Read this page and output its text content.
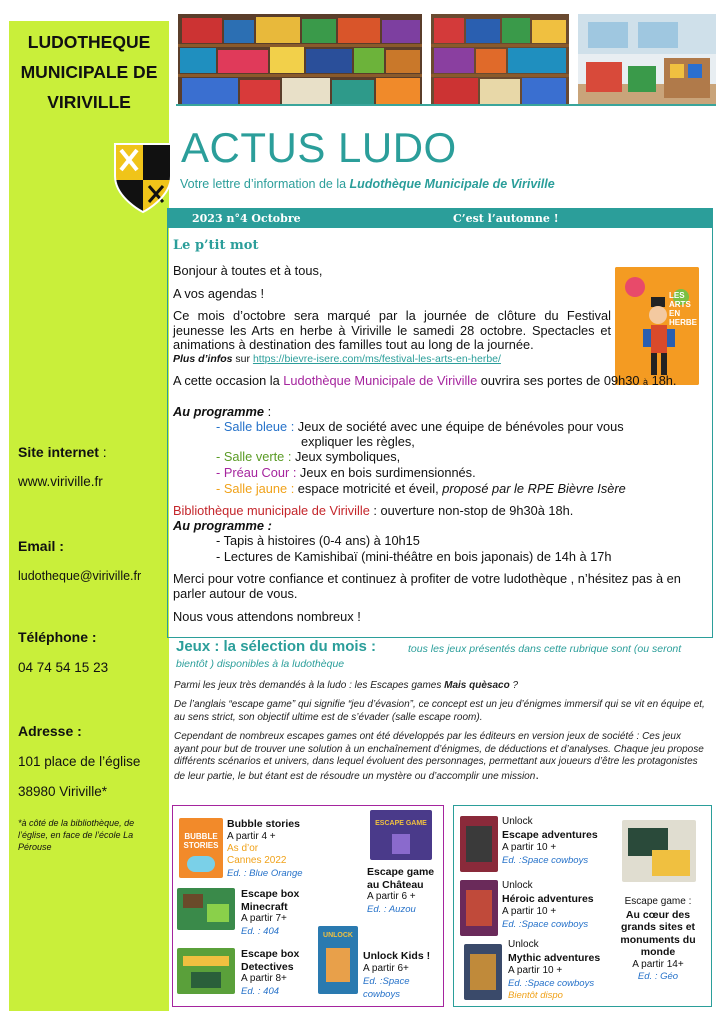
LUDOTHEQUE
MUNICIPALE DE
VIRIVILLE
Site internet :
www.viriville.fr
Email :
ludotheque@viriville.fr
Téléphone :
04 74 54 15 23
Adresse :
101 place de l’église
38980 Viriville*
*à côté de la bibliothèque, de l’église, en face de l’école La Pérouse
ACTUS LUDO
Votre lettre d’information de la Ludothèque Municipale de Viriville
2023 n°4 Octobre	C’est l’automne !
Le p’tit mot
Bonjour à toutes et à tous,
A vos agendas !
Ce mois d’octobre sera marqué par la journée de clôture du Festival jeunesse les Arts en herbe à Viriville le samedi 28 octobre. Spectacles et animations à destination des familles tout au long de la journée.
Plus d’infos sur https://bievre-isere.com/ms/festival-les-arts-en-herbe/
LES
ARTS
EN HERBE
A cette occasion la Ludothèque Municipale de Viriville ouvrira ses portes de 09h30 à 18h.
Au programme :
- Salle bleue : Jeux de société avec une équipe de bénévoles pour vous
expliquer les règles,
- Salle verte : Jeux symboliques,
- Préau Cour : Jeux en bois surdimensionnés.
- Salle jaune : espace motricité et éveil, proposé par le RPE Bièvre Isère
Bibliothèque municipale de Viriville : ouverture non-stop de 9h30à 18h.
Au programme :
- Tapis à histoires (0-4 ans) à 10h15
- Lectures de Kamishibaï (mini-théâtre en bois japonais) de 14h à 17h
Merci pour votre confiance et continuez à profiter de votre ludothèque , n’hésitez pas à en parler autour de vous.
Nous vous attendons nombreux !
Jeux : la sélection du mois :	tous les jeux présentés dans cette rubrique sont (ou seront bientôt ) disponibles à la ludothèque
Parmi les jeux très demandés à la ludo : les Escapes games Mais quèsaco ?
De l’anglais “escape game” qui signifie “jeu d’évasion”, ce concept est un jeu d’énigmes immersif qui se vit en équipe et, au sens strict, son objectif ultime est de s’évader (salle escape room).
Cependant de nombreux escapes games ont été développés par les éditeurs en version jeux de société : Ces jeux ayant pour but de trouver une solution à un enchaînement d’énigmes, de déductions et d’analyses. Chaque jeu propose différents scénarios et univers, dans lequel évoluent des personnages, permettant aux joueurs d’être les protagonistes de leur partie, le but étant est de résoudre un mystère ou d’accomplir une mission.
BUBBLE STORIES
Bubble stories
A partir 4 +
As d’or
Cannes 2022
Ed. : Blue Orange
ESCAPE GAME
Escape game
au Château
A partir 6 +
Ed. : Auzou
Escape box
Minecraft
A partir 7+
Ed. : 404
Escape box
Detectives
A partir 8+
Ed. : 404
UNLOCK
Unlock Kids !
A partir 6+
Ed. :Space cowboys
Unlock
Escape adventures
A partir 10 +
Ed. :Space cowboys
Unlock
Héroic adventures
A partir 10 +
Ed. :Space cowboys
Unlock
Mythic adventures
A partir 10 +
Ed. :Space cowboys
Bientôt dispo
Escape game :
Au cœur des
grands sites et
monuments du
monde
A partir 14+
Ed. : Géo
